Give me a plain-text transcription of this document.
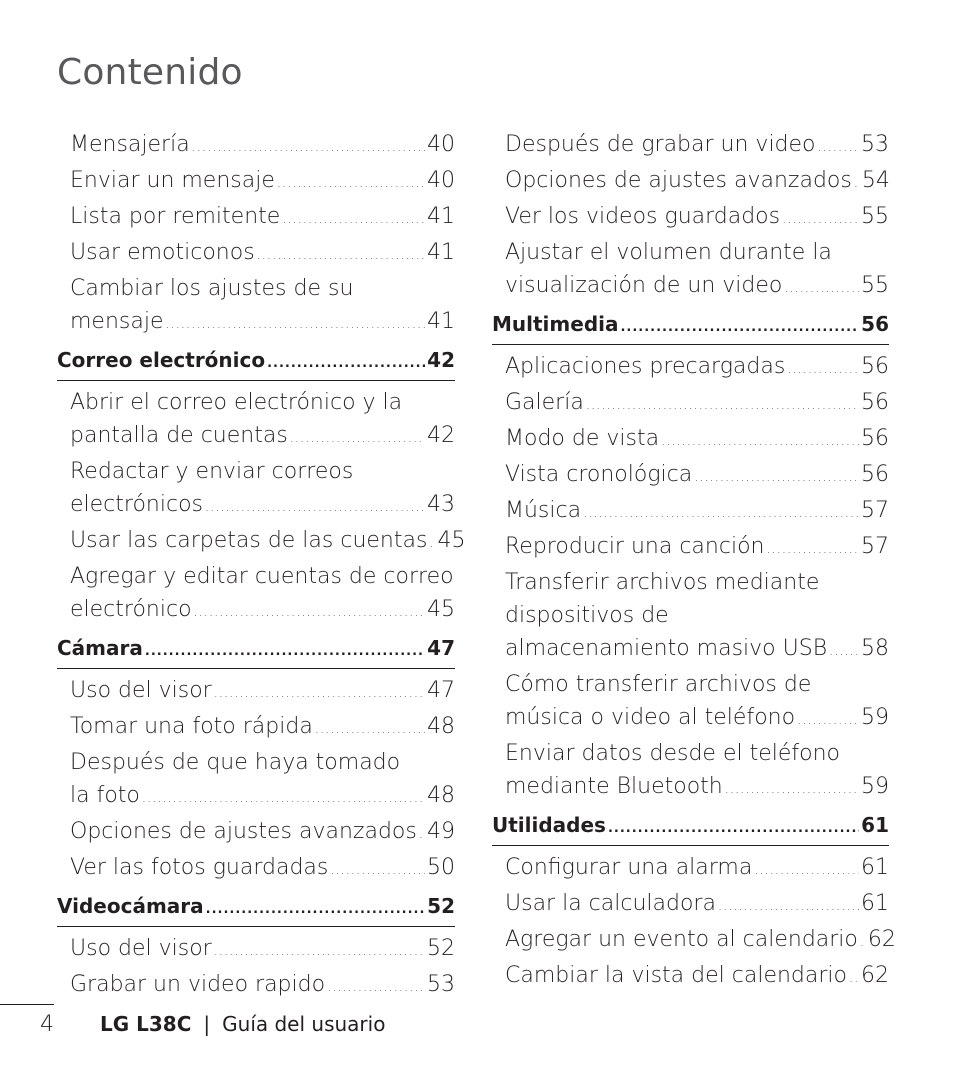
Contenido
Mensajería .....	40
Enviar un mensaje .....	40
Lista por remitente .....	41
Usar emoticonos .....	41
Cambiar los ajustes de su
mensaje .....	41
Correo electrónico .....	42
Abrir el correo electrónico y la
pantalla de cuentas .....	42
Redactar y enviar correos
electrónicos .....	43
Usar las carpetas de las cuentas ..... 45
Agregar y editar cuentas de correo
electrónico .....	45
Cámara .....	47
Uso del visor .....	47
Tomar una foto rápida .....	48
Después de que haya tomado
la foto .....	48
Opciones de ajustes avanzados ..... 49
Ver las fotos guardadas .....	50
Videocámara .....	52
Uso del visor .....	52
Grabar un video rapido .....	53
Después de grabar un video ..... 53
Opciones de ajustes avanzados ..... 54
Ver los videos guardados .....	55
Ajustar el volumen durante la
visualización de un video .....	55
Multimedia .....	56
Aplicaciones precargadas .....	56
Galería .....	56
Modo de vista .....	56
Vista cronológica .....	56
Música .....	57
Reproducir una canción .....	57
Transferir archivos mediante
dispositivos de
almacenamiento masivo USB ..... 58
Cómo transferir archivos de
música o video al teléfono .....	59
Enviar datos desde el teléfono
mediante Bluetooth .....	59
Utilidades .....	61
Configurar una alarma .....	61
Usar la calculadora .....	61
Agregar un evento al calendario ..... 62
Cambiar la vista del calendario ..... 62
4	LG L38C | Guía del usuario
